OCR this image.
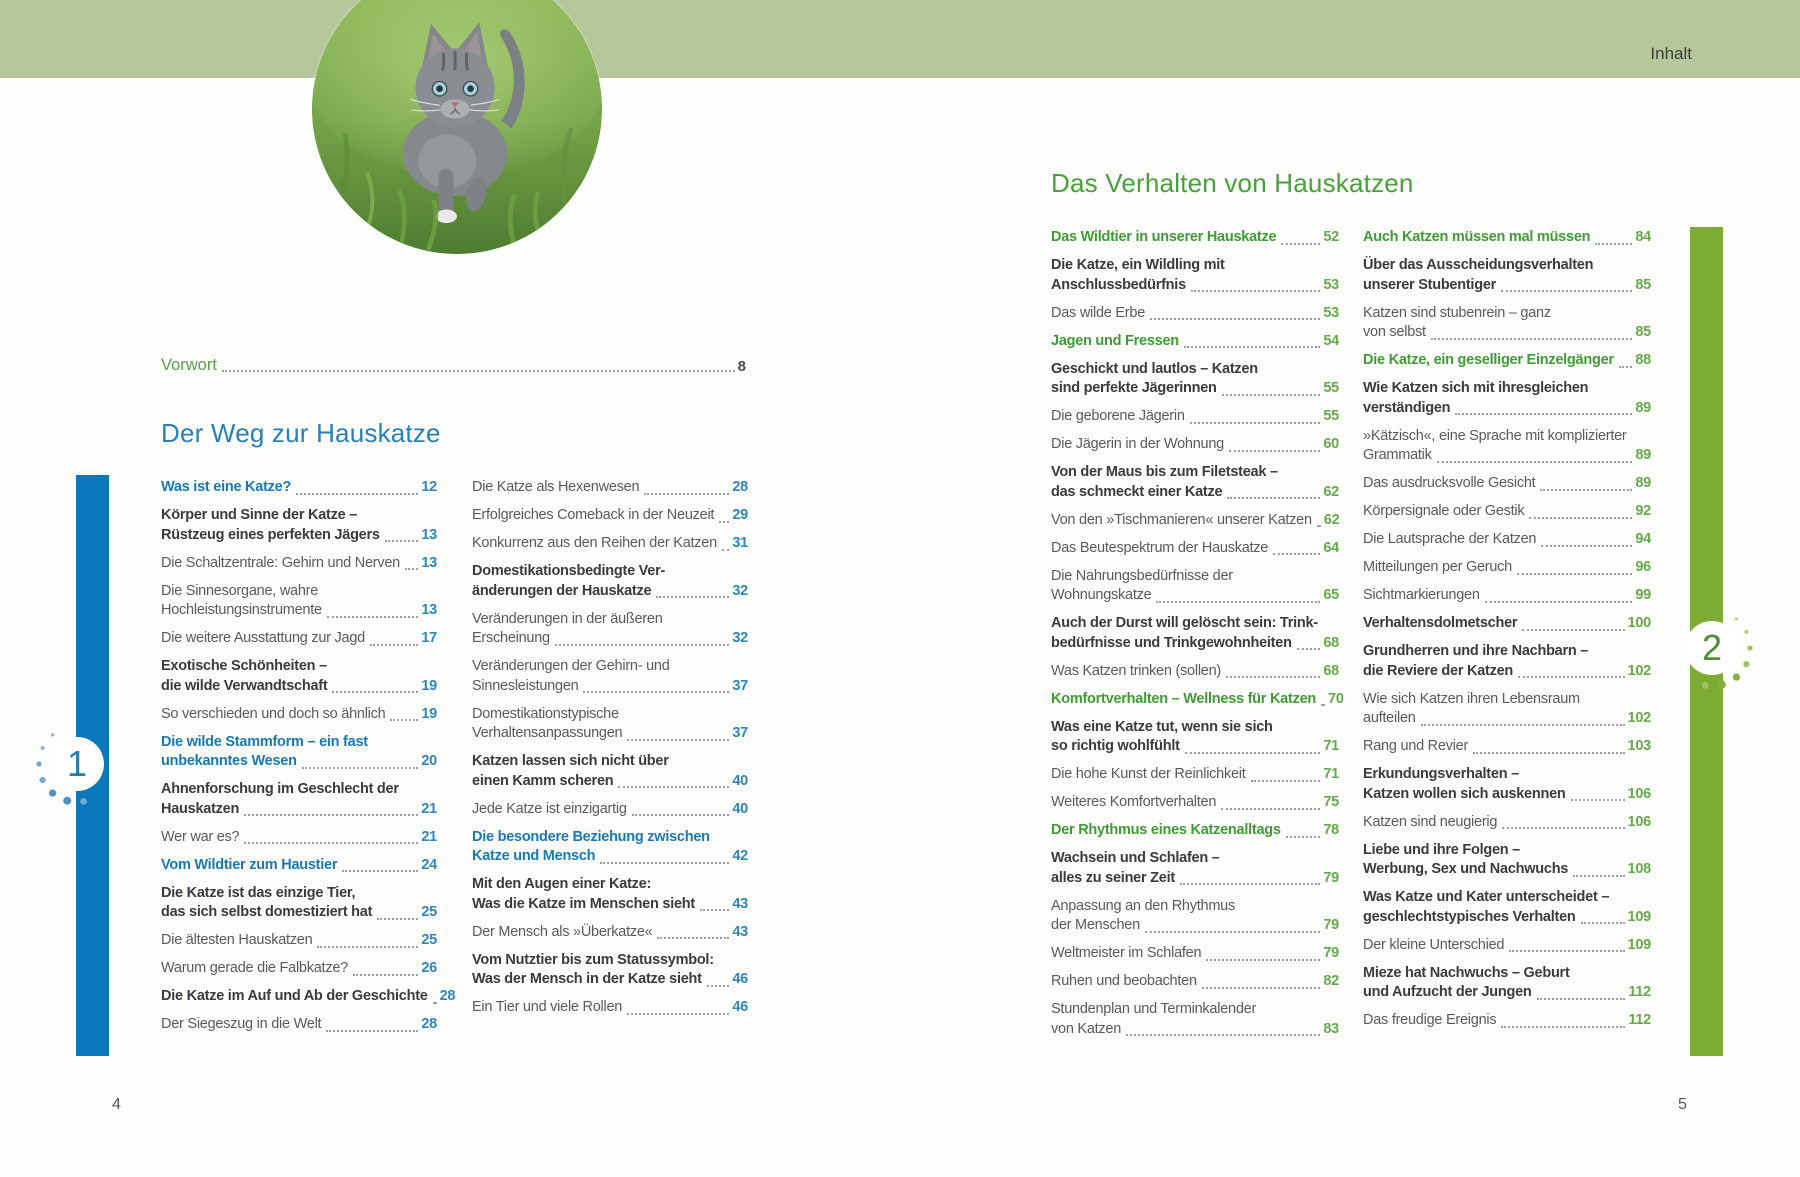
Inhalt
Vorwort	8
Der Weg zur Hauskatze
Was ist eine Katze?	12
Körper und Sinne der Katze –
Rüstzeug eines perfekten Jägers	13
Die Schaltzentrale: Gehirn und Nerven 13
Die Sinnesorgane, wahre
Hochleistungsinstrumente	13
Die weitere Ausstattung zur Jagd	17
Exotische Schönheiten –
die wilde Verwandtschaft	19
So verschieden und doch so ähnlich 19
Die wilde Stammform – ein fast
unbekanntes Wesen	20
Ahnenforschung im Geschlecht der
Hauskatzen	21
Wer war es?	21
Vom Wildtier zum Haustier	24
Die Katze ist das einzige Tier,
das sich selbst domestiziert hat	25
Die ältesten Hauskatzen	25
Warum gerade die Falbkatze?	26
Die Katze im Auf und Ab der Geschichte 28
Der Siegeszug in die Welt	28
Die Katze als Hexenwesen	28
Erfolgreiches Comeback in der Neuzeit 29
Konkurrenz aus den Reihen der Katzen 31
Domestikationsbedingte Ver-
änderungen der Hauskatze	32
Veränderungen in der äußeren
Erscheinung	32
Veränderungen der Gehirn- und
Sinnesleistungen	37
Domestikationstypische
Verhaltensanpassungen	37
Katzen lassen sich nicht über
einen Kamm scheren	40
Jede Katze ist einzigartig	40
Die besondere Beziehung zwischen
Katze und Mensch	42
Mit den Augen einer Katze:
Was die Katze im Menschen sieht	43
Der Mensch als »Überkatze«	43
Vom Nutztier bis zum Statussymbol:
Was der Mensch in der Katze sieht 46
Ein Tier und viele Rollen	46
Das Verhalten von Hauskatzen
Das Wildtier in unserer Hauskatze	52
Die Katze, ein Wildling mit
Anschlussbedürfnis	53
Das wilde Erbe	53
Jagen und Fressen	54
Geschickt und lautlos – Katzen
sind perfekte Jägerinnen	55
Die geborene Jägerin	55
Die Jägerin in der Wohnung	60
Von der Maus bis zum Filetsteak –
das schmeckt einer Katze	62
Von den »Tischmanieren« unserer Katzen 62
Das Beutespektrum der Hauskatze	64
Die Nahrungsbedürfnisse der
Wohnungskatze	65
Auch der Durst will gelöscht sein: Trink-
bedürfnisse und Trinkgewohnheiten 68
Was Katzen trinken (sollen)	68
Komfortverhalten – Wellness für Katzen 70
Was eine Katze tut, wenn sie sich
so richtig wohlfühlt	71
Die hohe Kunst der Reinlichkeit	71
Weiteres Komfortverhalten	75
Der Rhythmus eines Katzenalltags	78
Wachsein und Schlafen –
alles zu seiner Zeit	79
Anpassung an den Rhythmus
der Menschen	79
Weltmeister im Schlafen	79
Ruhen und beobachten	82
Stundenplan und Terminkalender
von Katzen	83
Auch Katzen müssen mal müssen	84
Über das Ausscheidungsverhalten
unserer Stubentiger	85
Katzen sind stubenrein – ganz
von selbst	85
Die Katze, ein geselliger Einzelgänger 88
Wie Katzen sich mit ihresgleichen
verständigen	89
»Kätzisch«, eine Sprache mit komplizierter
Grammatik	89
Das ausdrucksvolle Gesicht	89
Körpersignale oder Gestik	92
Die Lautsprache der Katzen	94
Mitteilungen per Geruch	96
Sichtmarkierungen	99
Verhaltensdolmetscher	100
Grundherren und ihre Nachbarn –
die Reviere der Katzen	102
Wie sich Katzen ihren Lebensraum
aufteilen	102
Rang und Revier	103
Erkundungsverhalten –
Katzen wollen sich auskennen	106
Katzen sind neugierig	106
Liebe und ihre Folgen –
Werbung, Sex und Nachwuchs	108
Was Katze und Kater unterscheidet –
geschlechtstypisches Verhalten	109
Der kleine Unterschied	109
Mieze hat Nachwuchs – Geburt
und Aufzucht der Jungen	112
Das freudige Ereignis	112
1
2
4	5
